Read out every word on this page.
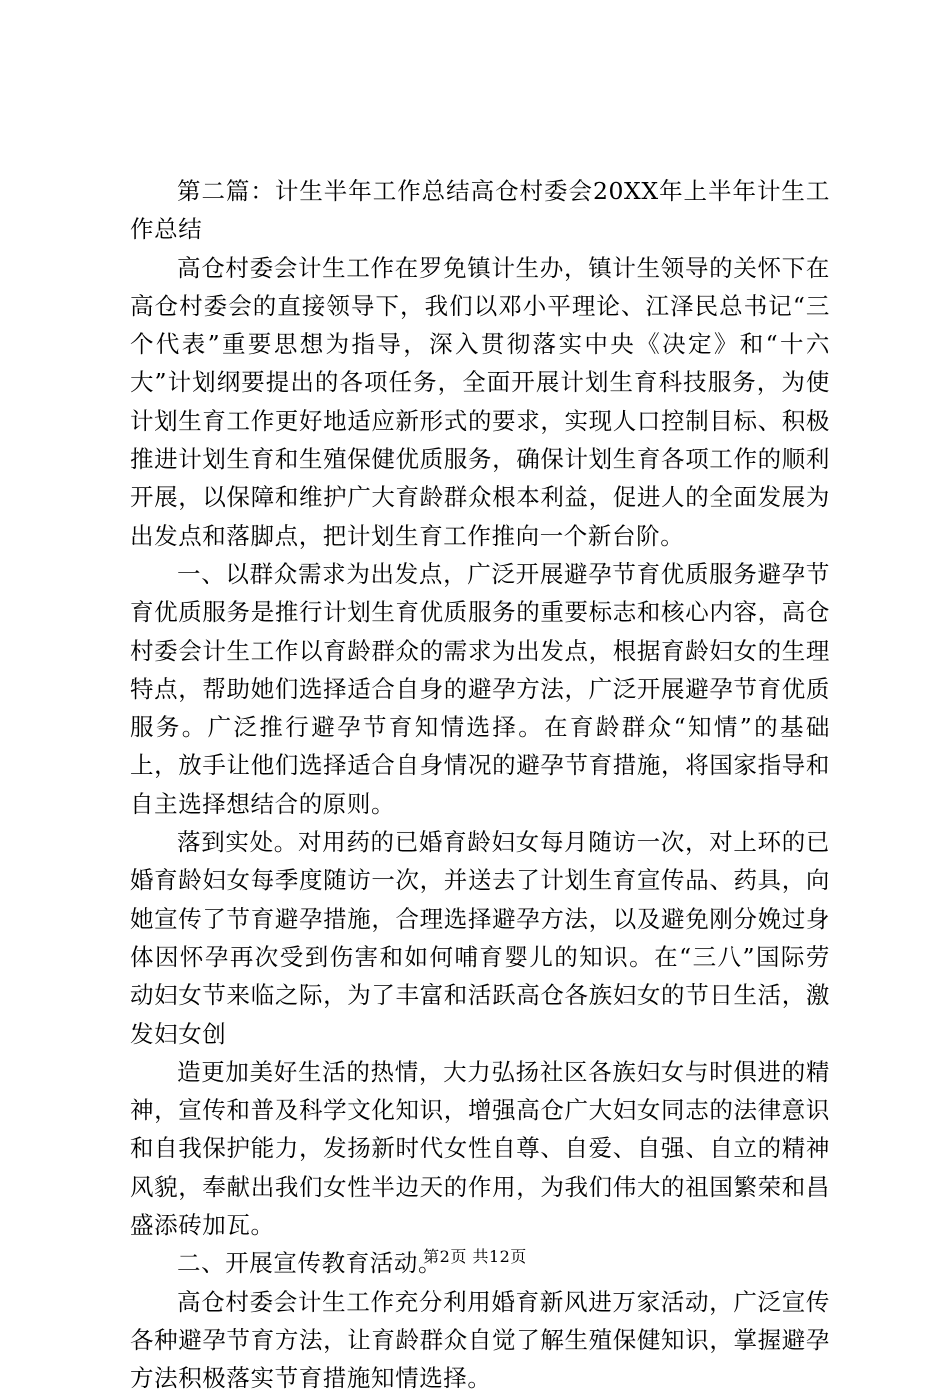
第二篇：计生半年工作总结高仓村委会20XX年上半年计生工作总结

高仓村委会计生工作在罗免镇计生办，镇计生领导的关怀下在高仓村委会的直接领导下，我们以邓小平理论、江泽民总书记“三个代表”重要思想为指导，深入贯彻落实中央《决定》和“十六大”计划纲要提出的各项任务，全面开展计划生育科技服务，为使计划生育工作更好地适应新形式的要求，实现人口控制目标、积极推进计划生育和生殖保健优质服务，确保计划生育各项工作的顺利开展，以保障和维护广大育龄群众根本利益，促进人的全面发展为出发点和落脚点，把计划生育工作推向一个新台阶。

一、以群众需求为出发点，广泛开展避孕节育优质服务避孕节育优质服务是推行计划生育优质服务的重要标志和核心内容，高仓村委会计生工作以育龄群众的需求为出发点，根据育龄妇女的生理特点，帮助她们选择适合自身的避孕方法，广泛开展避孕节育优质服务。广泛推行避孕节育知情选择。在育龄群众“知情”的基础上，放手让他们选择适合自身情况的避孕节育措施，将国家指导和自主选择想结合的原则。

落到实处。对用药的已婚育龄妇女每月随访一次，对上环的已婚育龄妇女每季度随访一次，并送去了计划生育宣传品、药具，向她宣传了节育避孕措施，合理选择避孕方法，以及避免刚分娩过身体因怀孕再次受到伤害和如何哺育婴儿的知识。在“三八”国际劳动妇女节来临之际，为了丰富和活跃高仓各族妇女的节日生活，激发妇女创

造更加美好生活的热情，大力弘扬社区各族妇女与时俱进的精神，宣传和普及科学文化知识，增强高仓广大妇女同志的法律意识和自我保护能力，发扬新时代女性自尊、自爱、自强、自立的精神风貌，奉献出我们女性半边天的作用，为我们伟大的祖国繁荣和昌盛添砖加瓦。

二、开展宣传教育活动。

高仓村委会计生工作充分利用婚育新风进万家活动，广泛宣传各种避孕节育方法，让育龄群众自觉了解生殖保健知识，掌握避孕方法积极落实节育措施知情选择。

第2页 共12页
